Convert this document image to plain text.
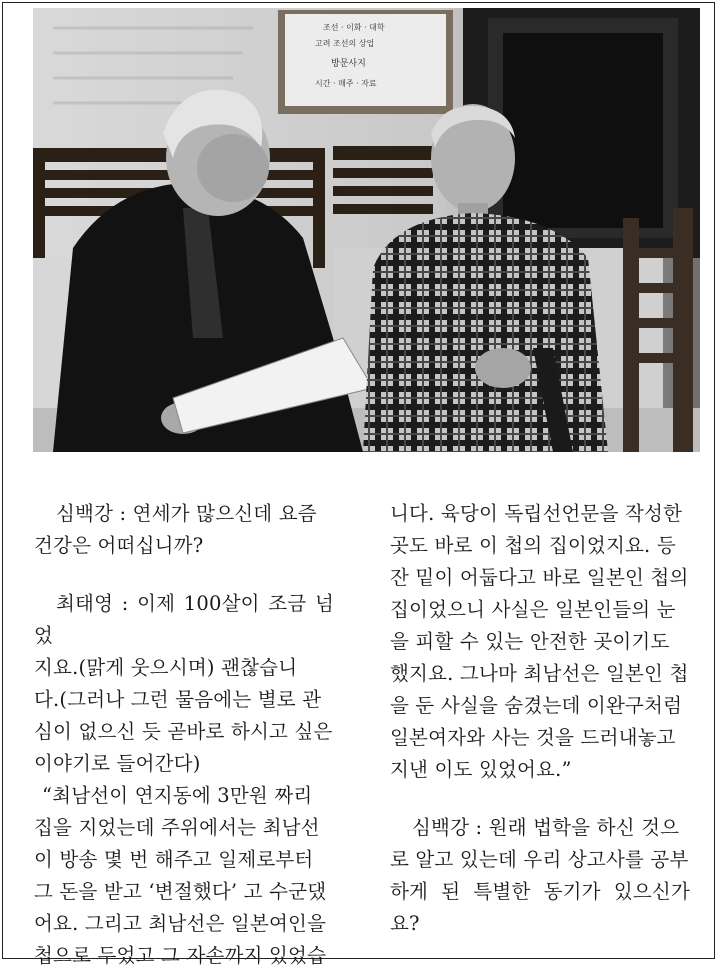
조선 · 이화 · 대학
고려 조선의 상업
방문사지
시간 · 매주 · 자료

심백강 : 연세가 많으신데 요즘
건강은 어떠십니까?

최태영 : 이제 100살이 조금 넘었
지요.(맑게 웃으시며) 괜찮습니
다.(그러나 그런 물음에는 별로 관
심이 없으신 듯 곧바로 하시고 싶은
이야기로 들어간다)

“최남선이 연지동에 3만원 짜리
집을 지었는데 주위에서는 최남선
이 방송 몇 번 해주고 일제로부터
그 돈을 받고 ‘변절했다’ 고 수군댔
어요. 그리고 최남선은 일본여인을
첩으로 두었고 그 자손까지 있었습

니다. 육당이 독립선언문을 작성한
곳도 바로 이 첩의 집이었지요. 등
잔 밑이 어둡다고 바로 일본인 첩의
집이었으니 사실은 일본인들의 눈
을 피할 수 있는 안전한 곳이기도
했지요. 그나마 최남선은 일본인 첩
을 둔 사실을 숨겼는데 이완구처럼
일본여자와 사는 것을 드러내놓고
지낸 이도 있었어요.”

심백강 : 원래 법학을 하신 것으
로 알고 있는데 우리 상고사를 공부
하게 된 특별한 동기가 있으신가요?
